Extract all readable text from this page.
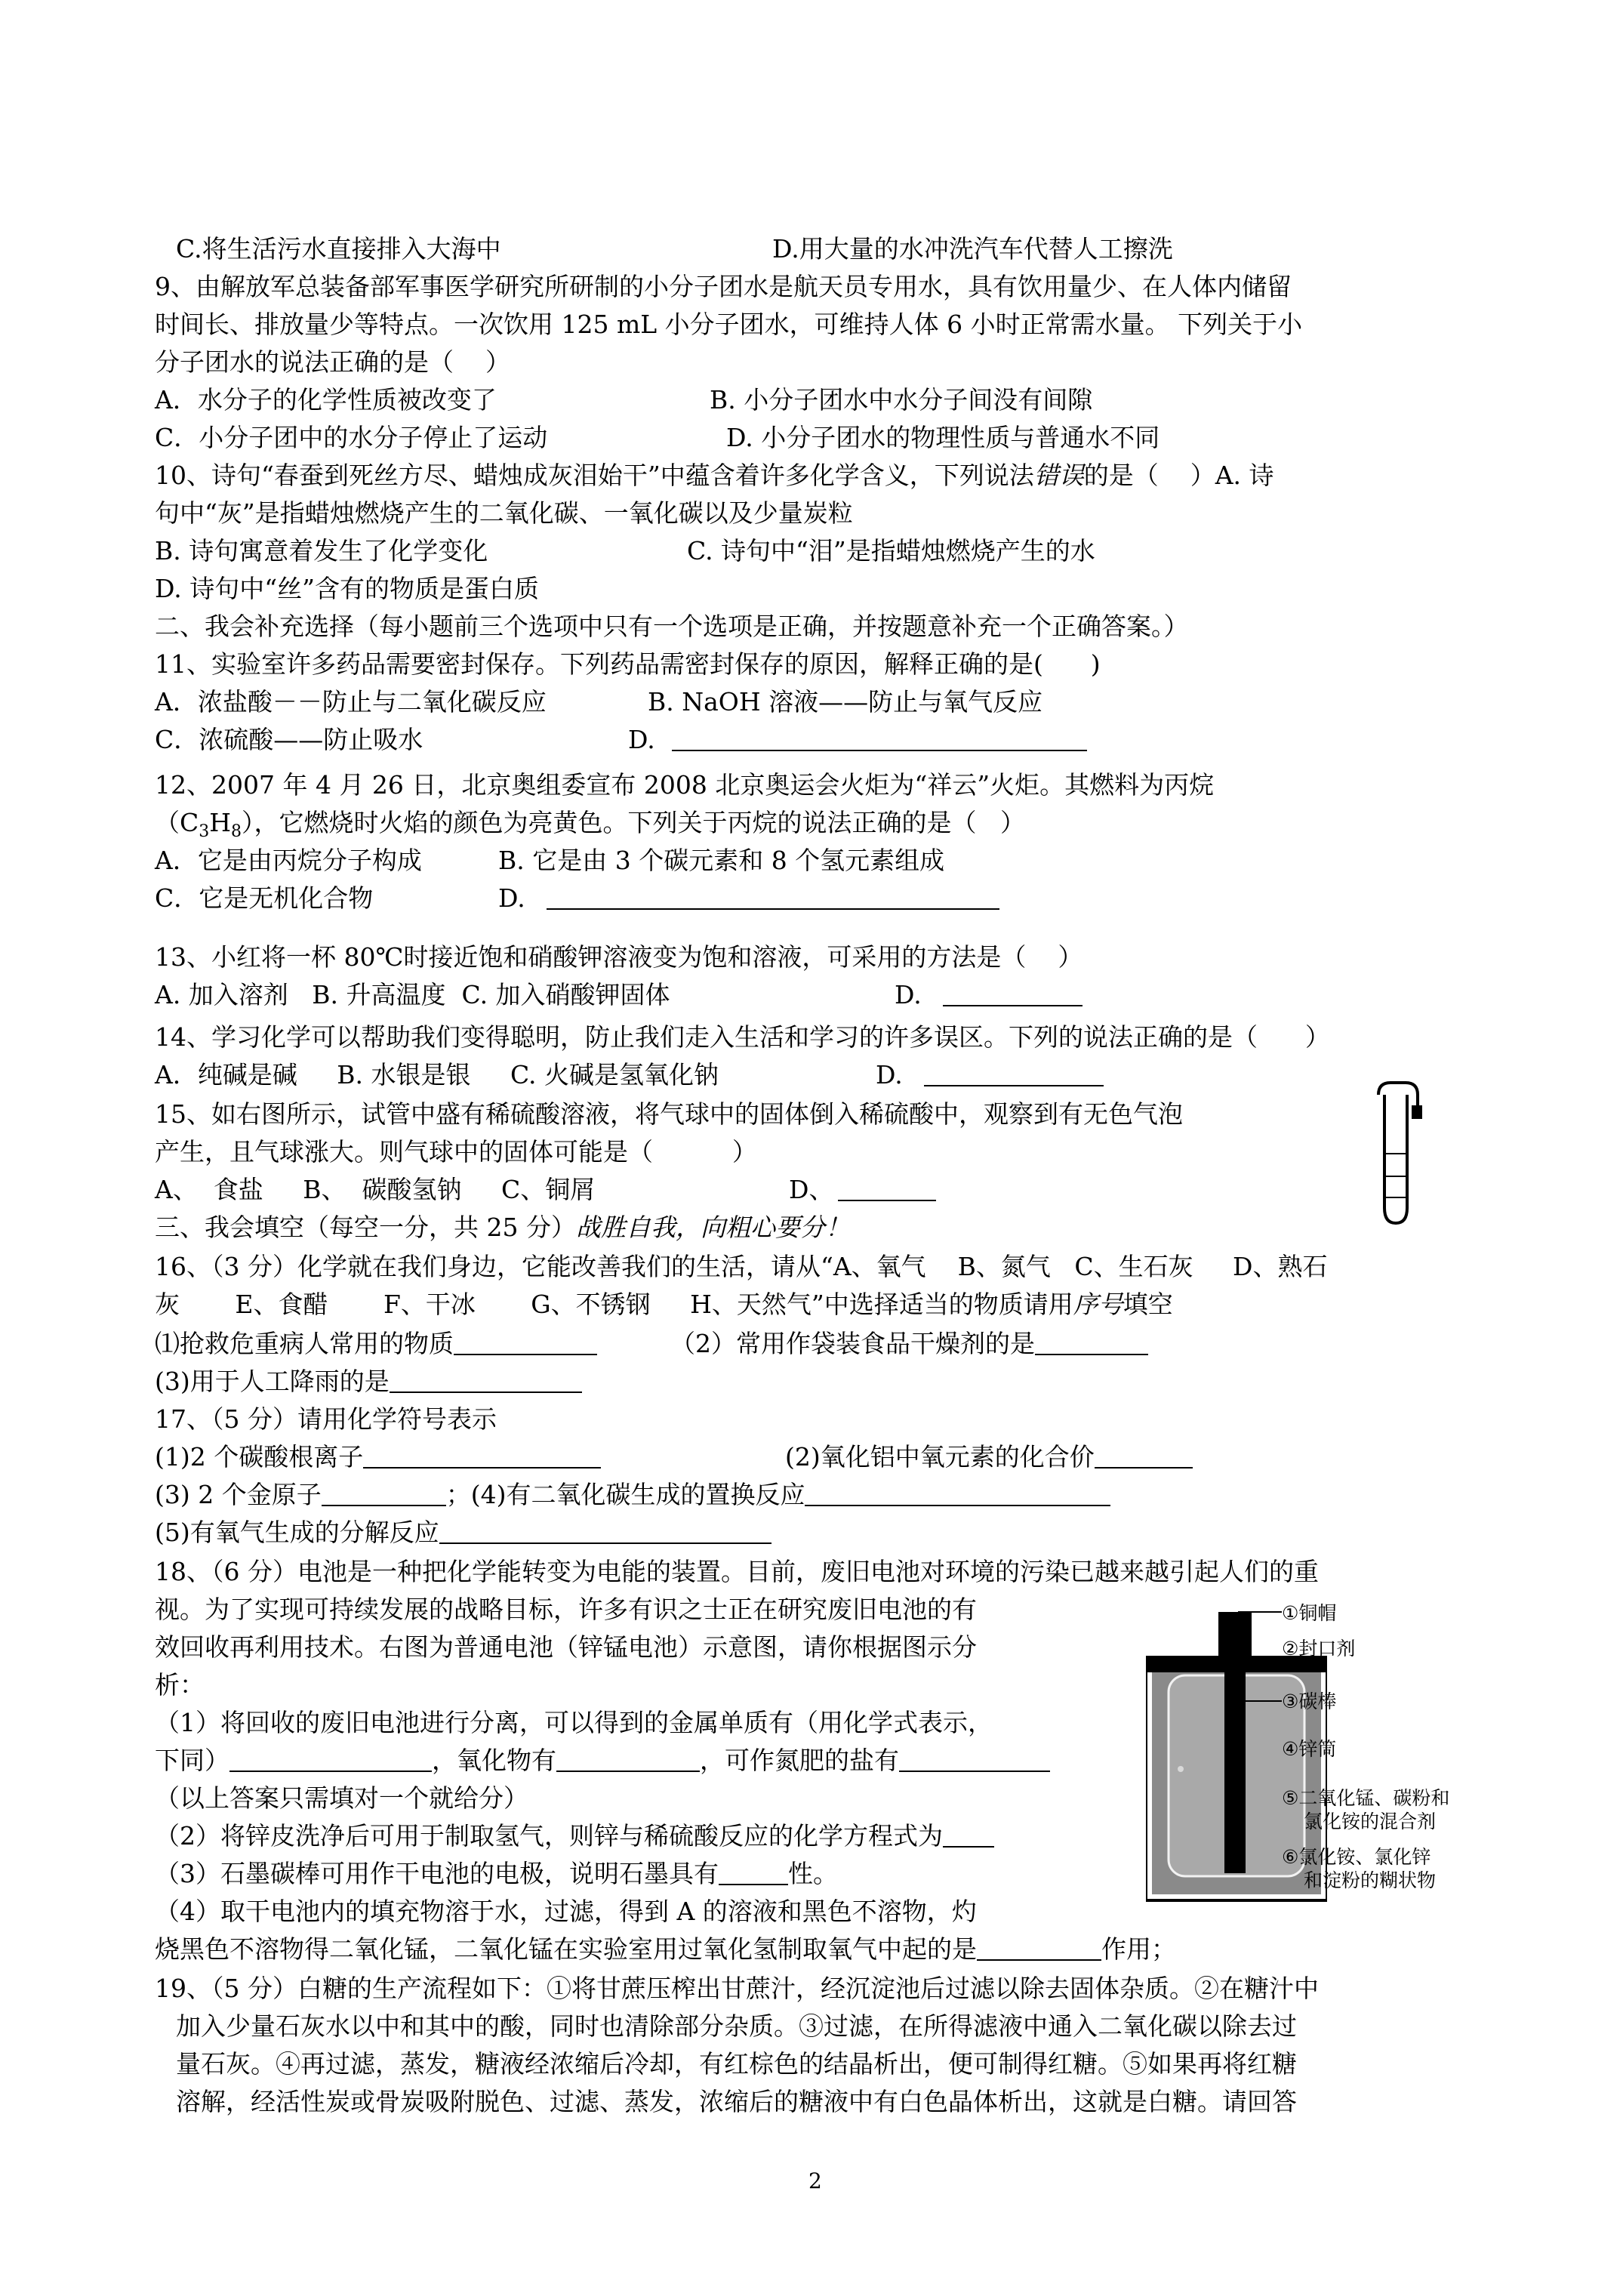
C.将生活污水直接排入大海中	D.用大量的水冲洗汽车代替人工擦洗
9、由解放军总装备部军事医学研究所研制的小分子团水是航天员专用水，具有饮用量少、在人体内储留
时间长、排放量少等特点。一次饮用 125 mL 小分子团水，可维持人体 6 小时正常需水量。 下列关于小
分子团水的说法正确的是（    ）
A．水分子的化学性质被改变了	B. 小分子团水中水分子间没有间隙
C．小分子团中的水分子停止了运动	D. 小分子团水的物理性质与普通水不同
10、诗句“春蚕到死丝方尽、蜡烛成灰泪始干”中蕴含着许多化学含义，下列说法错误的是（    ）A. 诗
句中“灰”是指蜡烛燃烧产生的二氧化碳、一氧化碳以及少量炭粒
B. 诗句寓意着发生了化学变化	C. 诗句中“泪”是指蜡烛燃烧产生的水
D. 诗句中“丝”含有的物质是蛋白质
二、我会补充选择（每小题前三个选项中只有一个选项是正确，并按题意补充一个正确答案。）
11、实验室许多药品需要密封保存。下列药品需密封保存的原因，解释正确的是(      )
A．浓盐酸－－防止与二氧化碳反应	B. NaOH 溶液——防止与氧气反应
C．浓硫酸——防止吸水	D.
12、2007 年 4 月 26 日，北京奥组委宣布 2008 北京奥运会火炬为“祥云”火炬。其燃料为丙烷
$(C_3H_8)$，它燃烧时火焰的颜色为亮黄色。下列关于丙烷的说法正确的是（   ）
A．它是由丙烷分子构成	B. 它是由 3 个碳元素和 8 个氢元素组成
C．它是无机化合物	D.
13、小红将一杯 80℃时接近饱和硝酸钾溶液变为饱和溶液，可采用的方法是（    ）
A. 加入溶剂   B. 升高温度  C. 加入硝酸钾固体	D.
14、学习化学可以帮助我们变得聪明，防止我们走入生活和学习的许多误区。下列的说法正确的是（      ）
A．纯碱是碱     B. 水银是银     C. 火碱是氢氧化钠	D.
15、如右图所示，试管中盛有稀硫酸溶液，将气球中的固体倒入稀硫酸中，观察到有无色气泡
产生，且气球涨大。则气球中的固体可能是（          ）
A、  食盐     B、  碳酸氢钠     C、铜屑	D、
三、我会填空（每空一分，共 25 分）战胜自我，向粗心要分！
16、（3 分）化学就在我们身边，它能改善我们的生活，请从“A、氧气    B、氮气   C、生石灰     D、熟石
灰       E、食醋       F、干冰       G、不锈钢     H、天然气”中选择适当的物质请用序号填空
⑴抢救危重病人常用的物质	（2）常用作袋装食品干燥剂的是
(3)用于人工降雨的是
17、（5 分）请用化学符号表示
(1)2 个碳酸根离子	(2)氧化铝中氧元素的化合价
(3) 2 个金原子	；(4)有二氧化碳生成的置换反应
(5)有氧气生成的分解反应
18、（6 分）电池是一种把化学能转变为电能的装置。目前，废旧电池对环境的污染已越来越引起人们的重
视。为了实现可持续发展的战略目标，许多有识之士正在研究废旧电池的有
效回收再利用技术。右图为普通电池（锌锰电池）示意图，请你根据图示分
析：
（1）将回收的废旧电池进行分离，可以得到的金属单质有（用化学式表示，
下同）	，氧化物有	，可作氮肥的盐有
（以上答案只需填对一个就给分）
（2）将锌皮洗净后可用于制取氢气，则锌与稀硫酸反应的化学方程式为
（3）石墨碳棒可用作干电池的电极，说明石墨具有	性。
（4）取干电池内的填充物溶于水，过滤，得到 A 的溶液和黑色不溶物，灼
烧黑色不溶物得二氧化锰，二氧化锰在实验室用过氧化氢制取氧气中起的是	作用；
①铜帽
②封口剂
③碳棒
④锌筒
⑤二氧化锰、碳粉和
氯化铵的混合剂
⑥氯化铵、氯化锌
和淀粉的糊状物
19、（5 分）白糖的生产流程如下：①将甘蔗压榨出甘蔗汁，经沉淀池后过滤以除去固体杂质。②在糖汁中
加入少量石灰水以中和其中的酸，同时也清除部分杂质。③过滤，在所得滤液中通入二氧化碳以除去过
量石灰。④再过滤，蒸发，糖液经浓缩后冷却，有红棕色的结晶析出，便可制得红糖。⑤如果再将红糖
溶解，经活性炭或骨炭吸附脱色、过滤、蒸发，浓缩后的糖液中有白色晶体析出，这就是白糖。请回答
2
